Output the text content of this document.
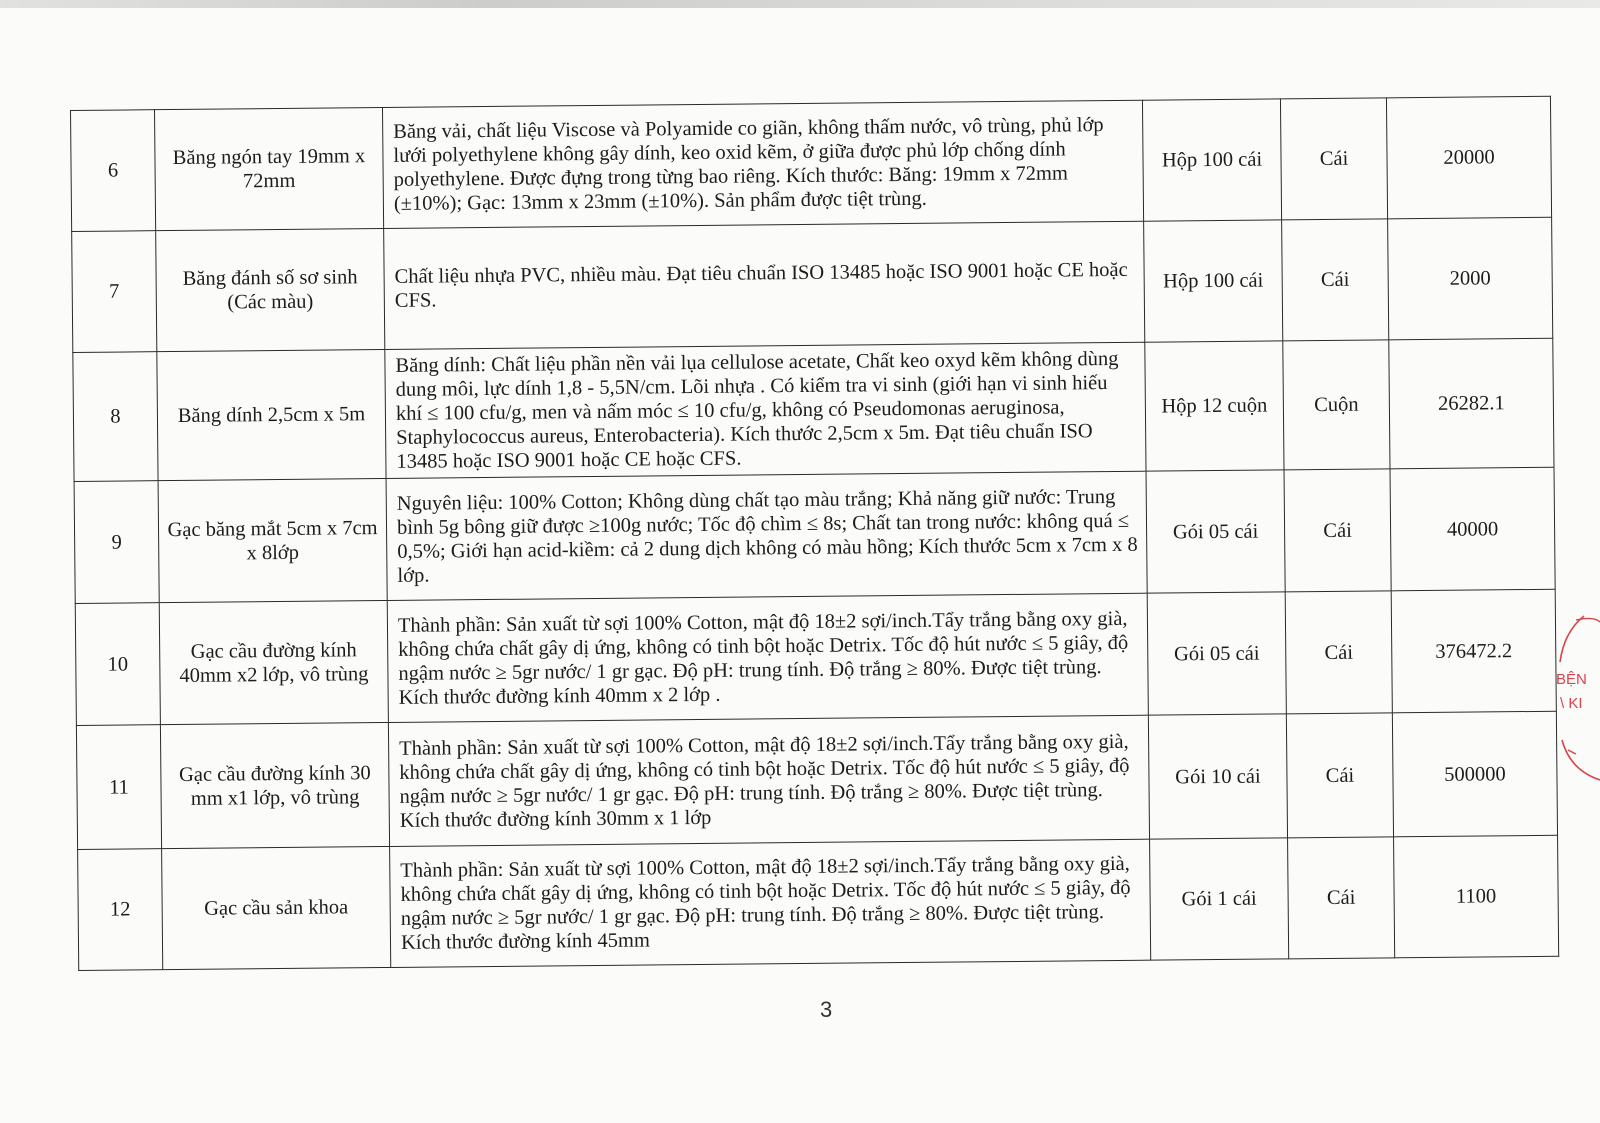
6	Băng ngón tay 19mm x 72mm	Băng vải, chất liệu Viscose và Polyamide co giãn, không thấm nước, vô trùng, phủ lớp lưới polyethylene không gây dính, keo oxid kẽm, ở giữa được phủ lớp chống dính polyethylene. Được đựng trong từng bao riêng. Kích thước: Băng: 19mm x 72mm (±10%); Gạc: 13mm x 23mm (±10%). Sản phẩm được tiệt trùng.	Hộp 100 cái	Cái	20000
7	Băng đánh số sơ sinh (Các màu)	Chất liệu nhựa PVC, nhiều màu. Đạt tiêu chuẩn ISO 13485 hoặc ISO 9001 hoặc CE hoặc CFS.	Hộp 100 cái	Cái	2000
8	Băng dính 2,5cm x 5m	Băng dính: Chất liệu phần nền vải lụa cellulose acetate, Chất keo oxyd kẽm không dùng dung môi, lực dính 1,8 - 5,5N/cm. Lõi nhựa . Có kiểm tra vi sinh (giới hạn vi sinh hiếu khí ≤ 100 cfu/g, men và nấm móc ≤ 10 cfu/g, không có Pseudomonas aeruginosa, Staphylococcus aureus, Enterobacteria). Kích thước 2,5cm x 5m. Đạt tiêu chuẩn ISO 13485 hoặc ISO 9001 hoặc CE hoặc CFS.	Hộp 12 cuộn	Cuộn	26282.1
9	Gạc băng mắt 5cm x 7cm x 8lớp	Nguyên liệu: 100% Cotton; Không dùng chất tạo màu trắng; Khả năng giữ nước: Trung bình 5g bông giữ được ≥100g nước; Tốc độ chìm ≤ 8s; Chất tan trong nước: không quá ≤ 0,5%; Giới hạn acid-kiềm: cả 2 dung dịch không có màu hồng; Kích thước 5cm x 7cm x 8 lớp.	Gói 05 cái	Cái	40000
10	Gạc cầu đường kính 40mm x2 lớp, vô trùng	Thành phần: Sản xuất từ sợi 100% Cotton, mật độ 18±2 sợi/inch.Tẩy trắng bằng oxy già, không chứa chất gây dị ứng, không có tinh bột hoặc Detrix. Tốc độ hút nước ≤ 5 giây, độ ngậm nước ≥ 5gr nước/ 1 gr gạc. Độ pH: trung tính. Độ trắng ≥ 80%. Được tiệt trùng. Kích thước đường kính 40mm x 2 lớp .	Gói 05 cái	Cái	376472.2
11	Gạc cầu đường kính 30 mm x1 lớp, vô trùng	Thành phần: Sản xuất từ sợi 100% Cotton, mật độ 18±2 sợi/inch.Tẩy trắng bằng oxy già, không chứa chất gây dị ứng, không có tinh bột hoặc Detrix. Tốc độ hút nước ≤ 5 giây, độ ngậm nước ≥ 5gr nước/ 1 gr gạc. Độ pH: trung tính. Độ trắng ≥ 80%. Được tiệt trùng. Kích thước đường kính 30mm x 1 lớp	Gói 10 cái	Cái	500000
12	Gạc cầu sản khoa	Thành phần: Sản xuất từ sợi 100% Cotton, mật độ 18±2 sợi/inch.Tẩy trắng bằng oxy già, không chứa chất gây dị ứng, không có tinh bột hoặc Detrix. Tốc độ hút nước ≤ 5 giây, độ ngậm nước ≥ 5gr nước/ 1 gr gạc. Độ pH: trung tính. Độ trắng ≥ 80%. Được tiệt trùng. Kích thước đường kính 45mm	Gói 1 cái	Cái	1100
3
BỆN
\ KI
